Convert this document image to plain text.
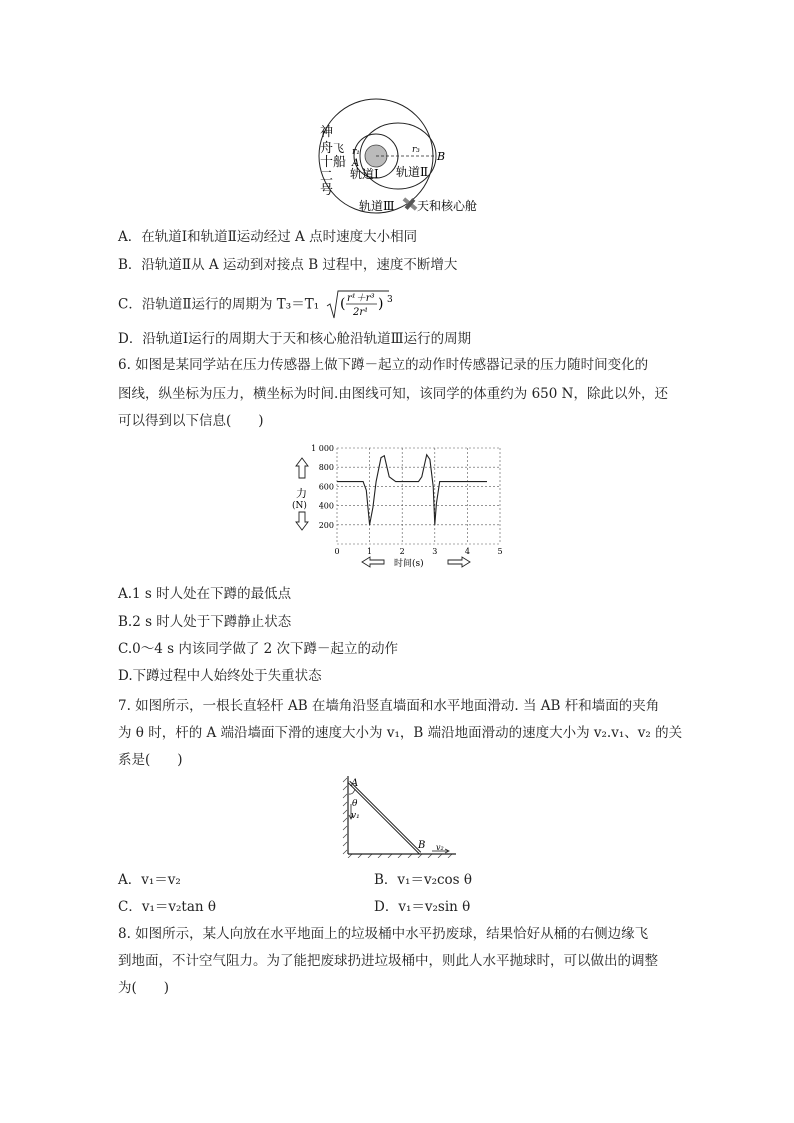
神
舟 飞
十 船
二
号
r₁
A
r₃ B
轨道Ⅰ 轨道Ⅱ
轨道Ⅲ 天和核心舱
A．在轨道Ⅰ和轨道Ⅱ运动经过 A 点时速度大小相同
B．沿轨道Ⅱ从 A 运动到对接点 B 过程中，速度不断增大
C．沿轨道Ⅱ运行的周期为 T₃＝T₁ ( r¹＋r³
2r¹
) 3
D．沿轨道Ⅰ运行的周期大于天和核心舱沿轨道Ⅲ运行的周期
6. 如图是某同学站在压力传感器上做下蹲－起立的动作时传感器记录的压力随时间变化的
图线，纵坐标为压力，横坐标为时间.由图线可知，该同学的体重约为 650 N，除此以外，还
可以得到以下信息(　　)
200
400
600
800
1 000
0	1	2	3	4	5
力
(N)
时间(s)
A.1 s 时人处在下蹲的最低点
B.2 s 时人处于下蹲静止状态
C.0～4 s 内该同学做了 2 次下蹲－起立的动作
D.下蹲过程中人始终处于失重状态
7. 如图所示，一根长直轻杆 AB 在墙角沿竖直墙面和水平地面滑动. 当 AB 杆和墙面的夹角
为 θ 时，杆的 A 端沿墙面下滑的速度大小为 v₁，B 端沿地面滑动的速度大小为 v₂.v₁、v₂ 的关
系是(　　)
A
θ
v₁
B v₂
A．v₁＝v₂	B．v₁＝v₂cos θ
C．v₁＝v₂tan θ	D．v₁＝v₂sin θ
8. 如图所示，某人向放在水平地面上的垃圾桶中水平扔废球，结果恰好从桶的右侧边缘飞
到地面，不计空气阻力。为了能把废球扔进垃圾桶中，则此人水平抛球时，可以做出的调整
为(　　)
